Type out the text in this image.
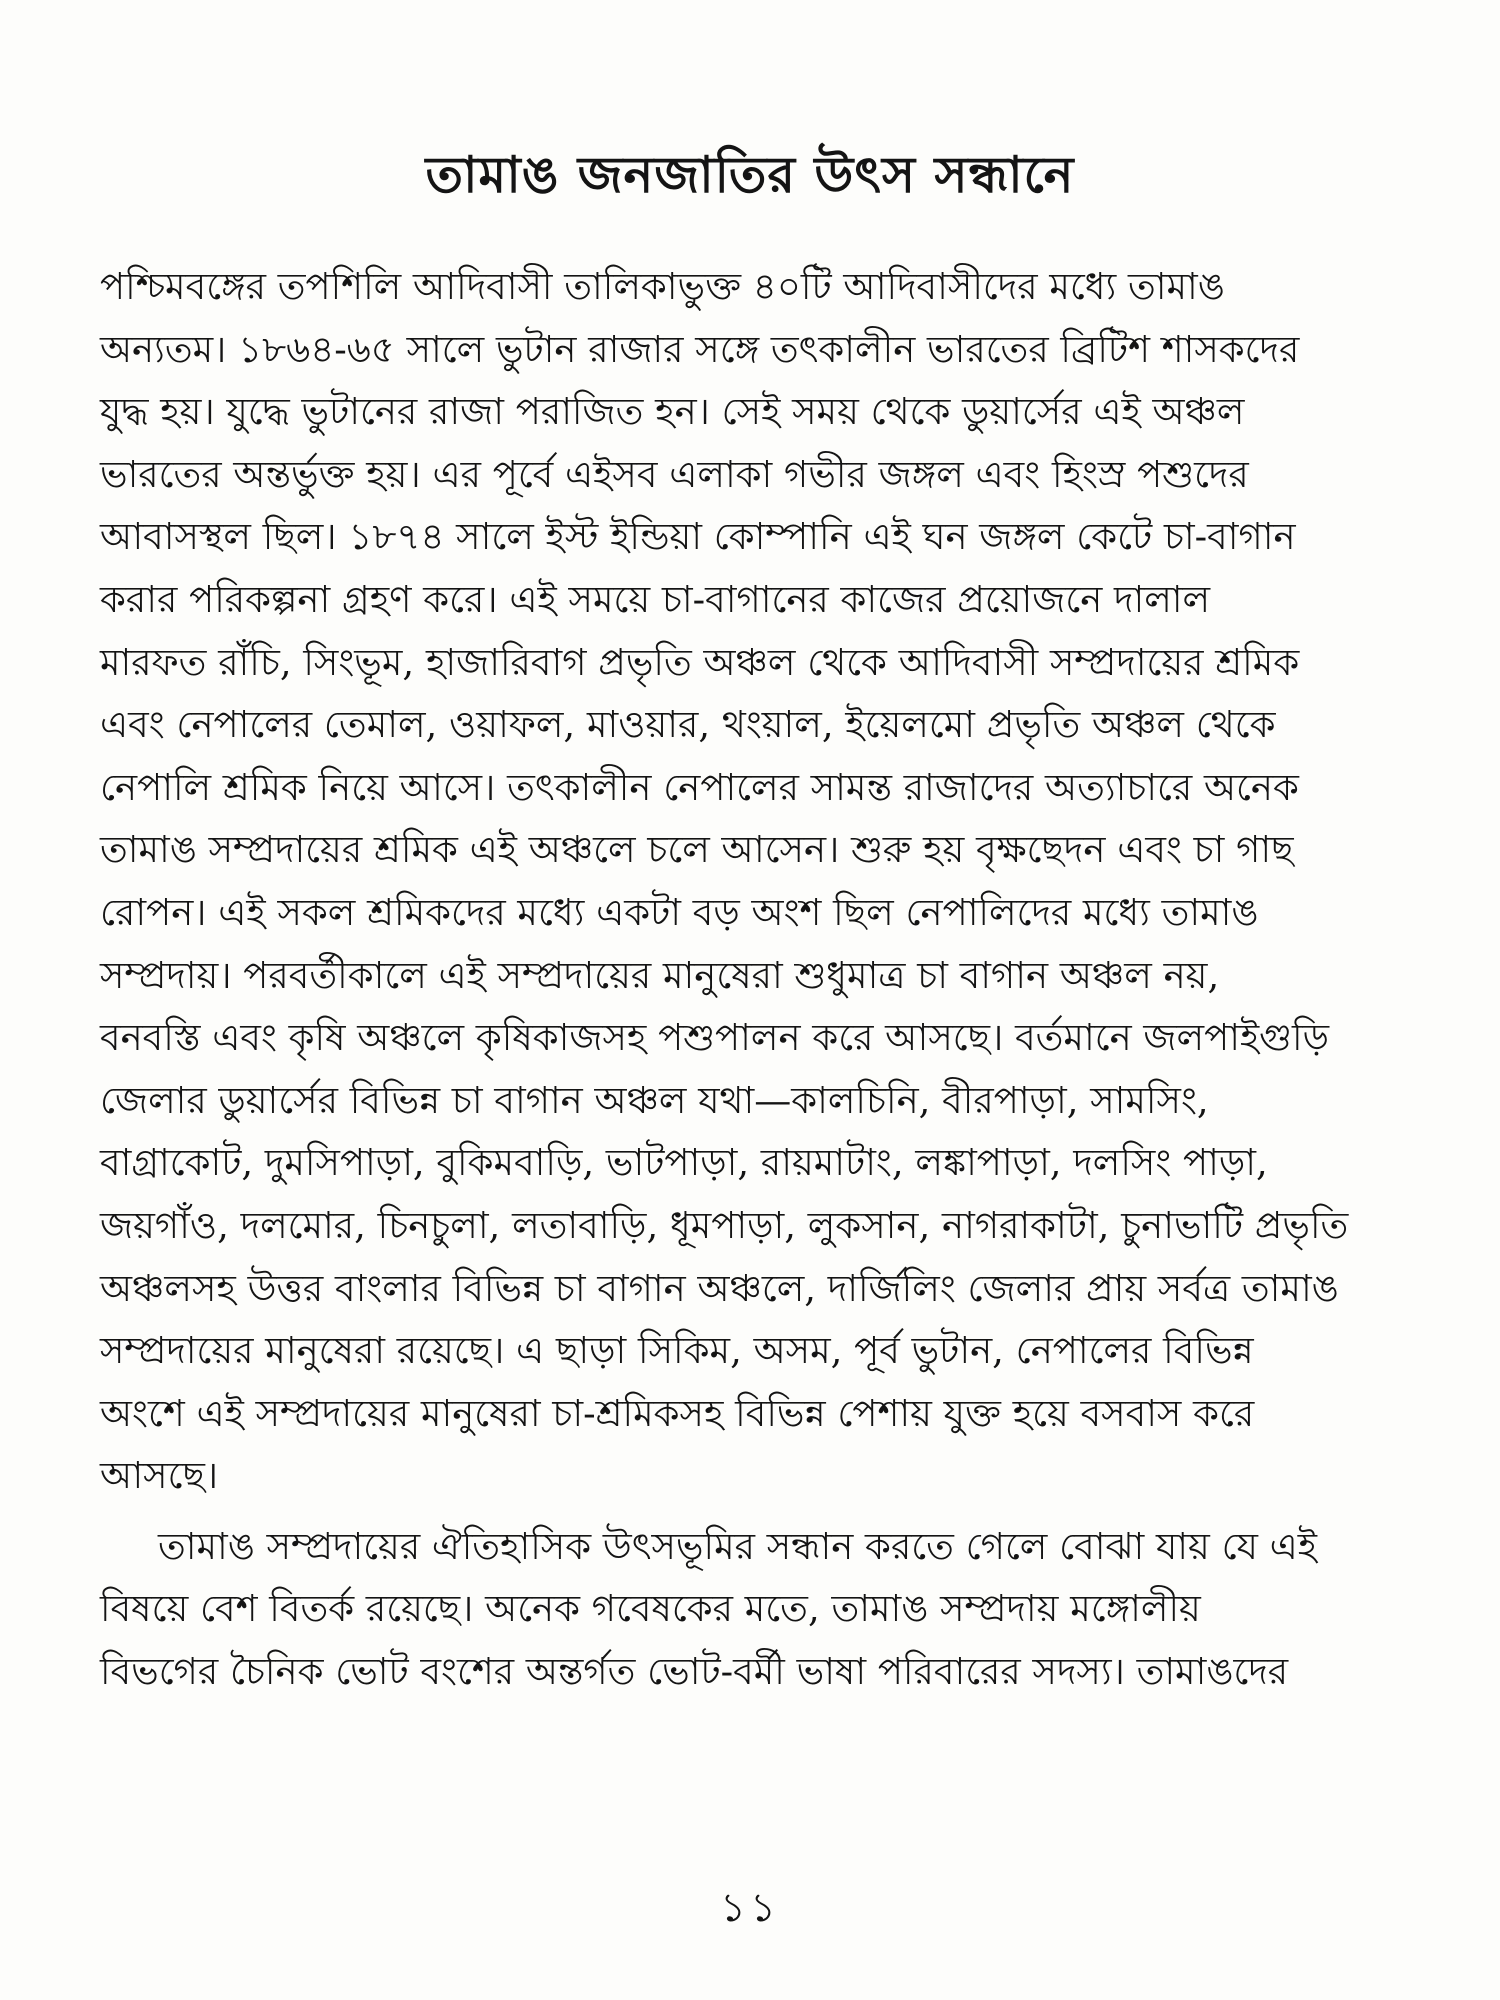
তামাঙ জনজাতির উৎস সন্ধানে

পশ্চিমবঙ্গের তপশিলি আদিবাসী তালিকাভুক্ত ৪০টি আদিবাসীদের মধ্যে তামাঙ
অন্যতম। ১৮৬৪-৬৫ সালে ভুটান রাজার সঙ্গে তৎকালীন ভারতের ব্রিটিশ শাসকদের
যুদ্ধ হয়। যুদ্ধে ভুটানের রাজা পরাজিত হন। সেই সময় থেকে ডুয়ার্সের এই অঞ্চল
ভারতের অন্তর্ভুক্ত হয়। এর পূর্বে এইসব এলাকা গভীর জঙ্গল এবং হিংস্র পশুদের
আবাসস্থল ছিল। ১৮৭৪ সালে ইস্ট ইন্ডিয়া কোম্পানি এই ঘন জঙ্গল কেটে চা-বাগান
করার পরিকল্পনা গ্রহণ করে। এই সময়ে চা-বাগানের কাজের প্রয়োজনে দালাল
মারফত রাঁচি, সিংভূম, হাজারিবাগ প্রভৃতি অঞ্চল থেকে আদিবাসী সম্প্রদায়ের শ্রমিক
এবং নেপালের তেমাল, ওয়াফল, মাওয়ার, থংয়াল, ইয়েলমো প্রভৃতি অঞ্চল থেকে
নেপালি শ্রমিক নিয়ে আসে। তৎকালীন নেপালের সামন্ত রাজাদের অত্যাচারে অনেক
তামাঙ সম্প্রদায়ের শ্রমিক এই অঞ্চলে চলে আসেন। শুরু হয় বৃক্ষছেদন এবং চা গাছ
রোপন। এই সকল শ্রমিকদের মধ্যে একটা বড় অংশ ছিল নেপালিদের মধ্যে তামাঙ
সম্প্রদায়। পরবর্তীকালে এই সম্প্রদায়ের মানুষেরা শুধুমাত্র চা বাগান অঞ্চল নয়,
বনবস্তি এবং কৃষি অঞ্চলে কৃষিকাজসহ পশুপালন করে আসছে। বর্তমানে জলপাইগুড়ি
জেলার ডুয়ার্সের বিভিন্ন চা বাগান অঞ্চল যথা—কালচিনি, বীরপাড়া, সামসিং,
বাগ্রাকোট, দুমসিপাড়া, বুকিমবাড়ি, ভাটপাড়া, রায়মাটাং, লঙ্কাপাড়া, দলসিং পাড়া,
জয়গাঁও, দলমোর, চিনচুলা, লতাবাড়ি, ধূমপাড়া, লুকসান, নাগরাকাটা, চুনাভাটি প্রভৃতি
অঞ্চলসহ উত্তর বাংলার বিভিন্ন চা বাগান অঞ্চলে, দার্জিলিং জেলার প্রায় সর্বত্র তামাঙ
সম্প্রদায়ের মানুষেরা রয়েছে। এ ছাড়া সিকিম, অসম, পূর্ব ভুটান, নেপালের বিভিন্ন
অংশে এই সম্প্রদায়ের মানুষেরা চা-শ্রমিকসহ বিভিন্ন পেশায় যুক্ত হয়ে বসবাস করে
আসছে।

তামাঙ সম্প্রদায়ের ঐতিহাসিক উৎসভূমির সন্ধান করতে গেলে বোঝা যায় যে এই
বিষয়ে বেশ বিতর্ক রয়েছে। অনেক গবেষকের মতে, তামাঙ সম্প্রদায় মঙ্গোলীয়
বিভগের চৈনিক ভোট বংশের অন্তর্গত ভোট-বর্মী ভাষা পরিবারের সদস্য। তামাঙদের

১১
